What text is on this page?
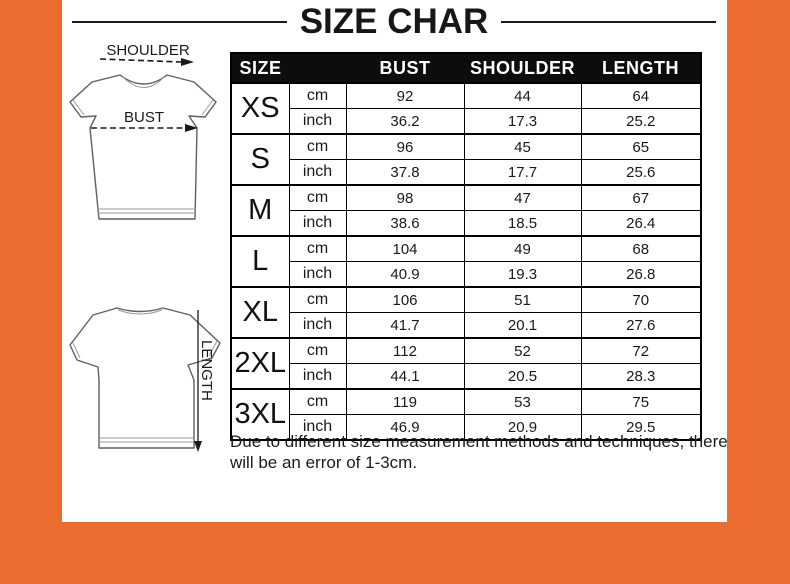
SIZE CHAR
SHOULDER
BUST
LENGTH
SIZE		BUST	SHOULDER	LENGTH
XS	cm	92	44	64
	inch	36.2	17.3	25.2
S	cm	96	45	65
	inch	37.8	17.7	25.6
M	cm	98	47	67
	inch	38.6	18.5	26.4
L	cm	104	49	68
	inch	40.9	19.3	26.8
XL	cm	106	51	70
	inch	41.7	20.1	27.6
2XL	cm	112	52	72
	inch	44.1	20.5	28.3
3XL	cm	119	53	75
	inch	46.9	20.9	29.5
Due to different size measurement methods and techniques, there
will be an error of 1-3cm.
